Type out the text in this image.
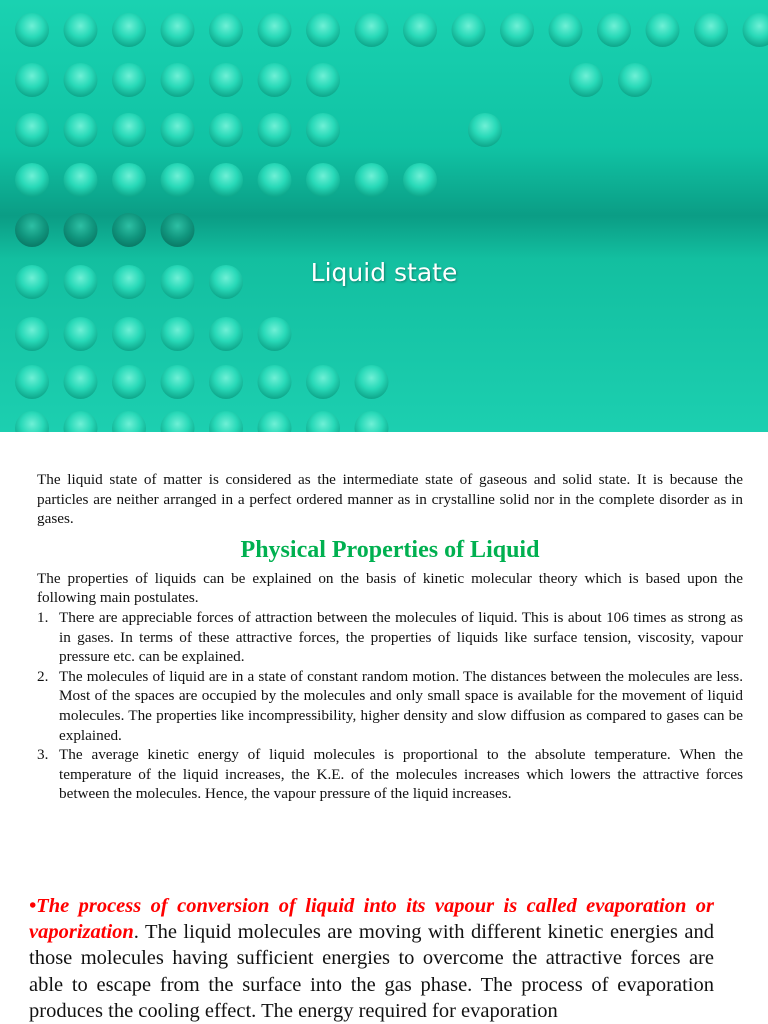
Liquid state

The liquid state of matter is considered as the intermediate state of gaseous and solid state. It is because the particles are neither arranged in a perfect ordered manner as in crystalline solid nor in the complete disorder as in gases.

Physical Properties of Liquid

The properties of liquids can be explained on the basis of kinetic molecular theory which is based upon the following main postulates.

1. There are appreciable forces of attraction between the molecules of liquid. This is about 106 times as strong as in gases. In terms of these attractive forces, the properties of liquids like surface tension, viscosity, vapour pressure etc. can be explained.
2. The molecules of liquid are in a state of constant random motion. The distances between the molecules are less. Most of the spaces are occupied by the molecules and only small space is available for the movement of liquid molecules. The properties like incompressibility, higher density and slow diffusion as compared to gases can be explained.
3. The average kinetic energy of liquid molecules is proportional to the absolute temperature. When the temperature of the liquid increases, the K.E. of the molecules increases which lowers the attractive forces between the molecules. Hence, the vapour pressure of the liquid increases.

•The process of conversion of liquid into its vapour is called evaporation or vaporization. The liquid molecules are moving with different kinetic energies and those molecules having sufficient energies to overcome the attractive forces are able to escape from the surface into the gas phase. The process of evaporation produces the cooling effect. The energy required for evaporation
